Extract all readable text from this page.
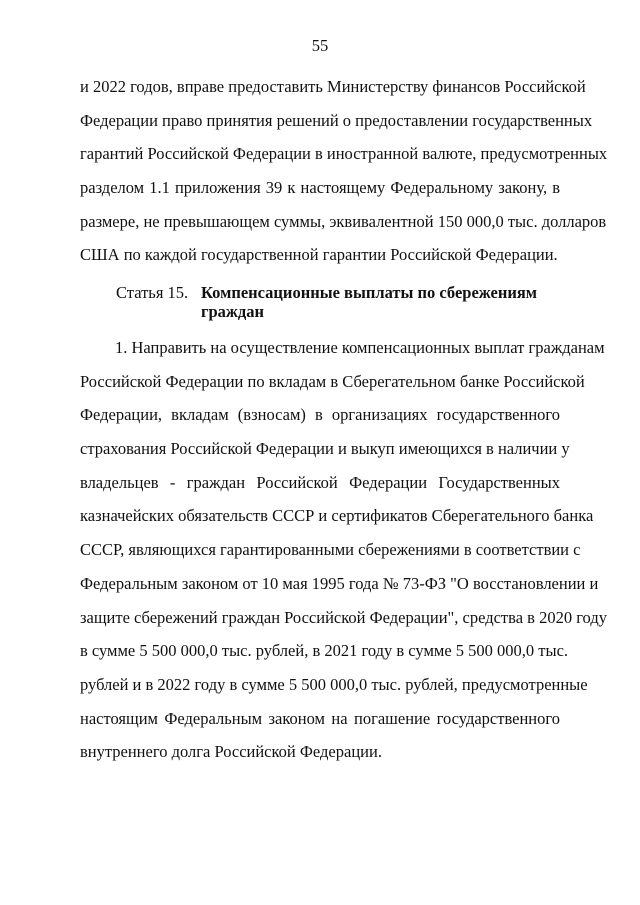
55
и 2022 годов, вправе предоставить Министерству финансов Российской
Федерации право принятия решений о предоставлении государственных
гарантий Российской Федерации в иностранной валюте, предусмотренных
разделом 1.1 приложения 39 к настоящему Федеральному закону, в
размере, не превышающем суммы, эквивалентной 150 000,0 тыс. долларов
США по каждой государственной гарантии Российской Федерации.
Статья 15. Компенсационные выплаты по сбережениям граждан
1. Направить на осуществление компенсационных выплат гражданам
Российской Федерации по вкладам в Сберегательном банке Российской
Федерации, вкладам (взносам) в организациях государственного
страхования Российской Федерации и выкуп имеющихся в наличии у
владельцев - граждан Российской Федерации Государственных
казначейских обязательств СССР и сертификатов Сберегательного банка
СССР, являющихся гарантированными сбережениями в соответствии с
Федеральным законом от 10 мая 1995 года № 73-ФЗ "О восстановлении и
защите сбережений граждан Российской Федерации", средства в 2020 году
в сумме 5 500 000,0 тыс. рублей, в 2021 году в сумме 5 500 000,0 тыс.
рублей и в 2022 году в сумме 5 500 000,0 тыс. рублей, предусмотренные
настоящим Федеральным законом на погашение государственного
внутреннего долга Российской Федерации.
